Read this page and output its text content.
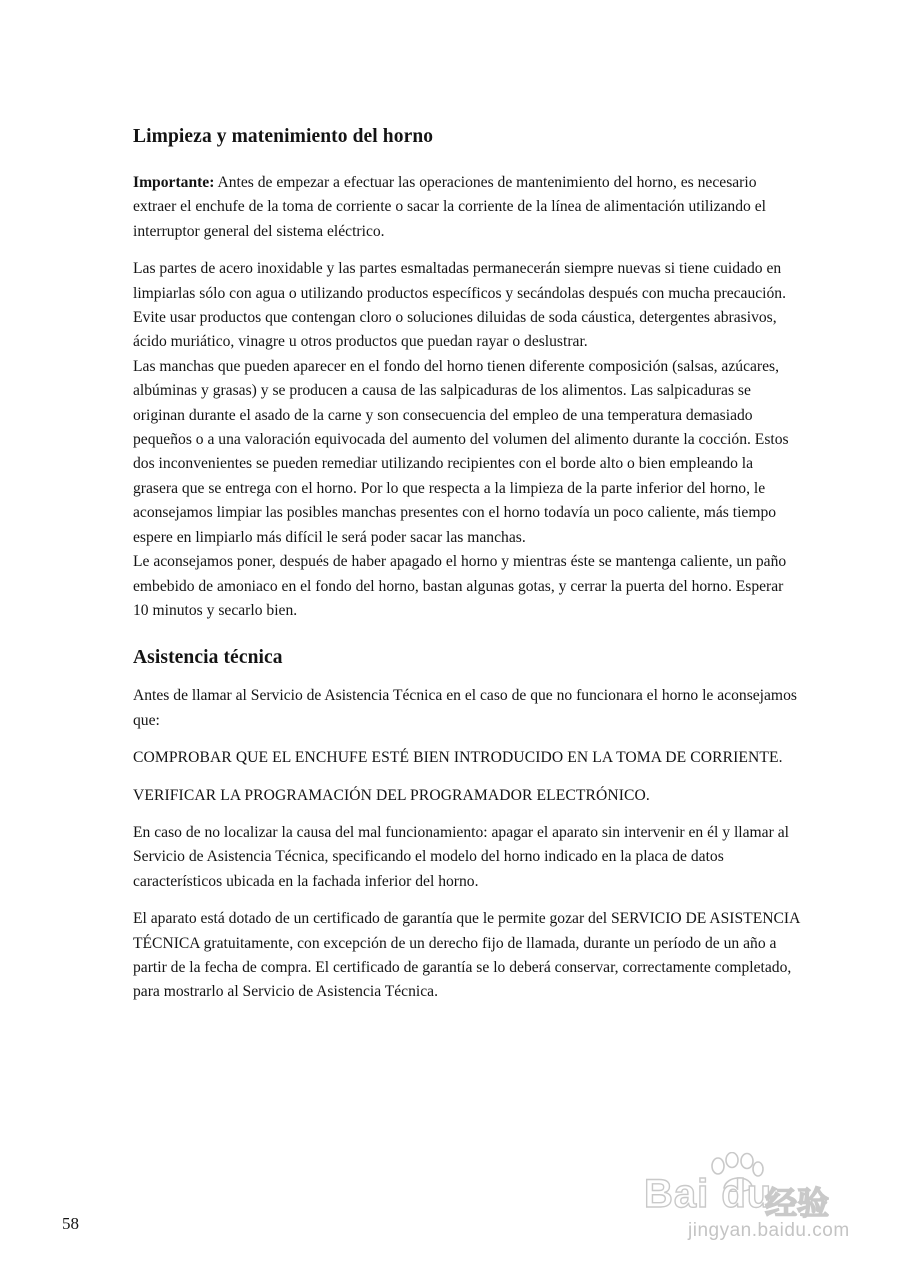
Limpieza y matenimiento del horno

Importante: Antes de empezar a efectuar las operaciones de mantenimiento del horno, es necesario extraer el enchufe de la toma de corriente o sacar la corriente de la línea de alimentación utilizando el interruptor general del sistema eléctrico.

Las partes de acero inoxidable y las partes esmaltadas permanecerán siempre nuevas si tiene cuidado en limpiarlas sólo con agua o utilizando productos específicos y secándolas después con mucha precaución.

Evite usar productos que contengan cloro o soluciones diluidas de soda cáustica, detergentes abrasivos, ácido muriático, vinagre u otros productos que puedan rayar o deslustrar.

Las manchas que pueden aparecer en el fondo del horno tienen diferente composición (salsas, azúcares, albúminas y grasas) y se producen a causa de las salpicaduras de los alimentos. Las salpicaduras se originan durante el asado de la carne y son consecuencia del empleo de una temperatura demasiado pequeños o a una valoración equivocada del aumento del volumen del alimento durante la cocción. Estos dos inconvenientes se pueden remediar utilizando recipientes con el borde alto o bien empleando la grasera que se entrega con el horno. Por lo que respecta a la limpieza de la parte inferior del horno, le aconsejamos limpiar las posibles manchas presentes con el horno todavía un poco caliente, más tiempo espere en limpiarlo más difícil le será poder sacar las manchas.

Le aconsejamos poner, después de haber apagado el horno y mientras éste se mantenga caliente, un paño embebido de amoniaco en el fondo del horno, bastan algunas gotas, y cerrar la puerta del horno. Esperar 10 minutos y secarlo bien.

Asistencia técnica

Antes de llamar al Servicio de Asistencia Técnica en el caso de que no funcionara el horno le aconsejamos que:

COMPROBAR QUE EL ENCHUFE ESTÉ BIEN INTRODUCIDO EN LA TOMA DE CORRIENTE.

VERIFICAR LA PROGRAMACIÓN DEL PROGRAMADOR ELECTRÓNICO.

En caso de no localizar la causa del mal funcionamiento: apagar el aparato sin intervenir en él y llamar al Servicio de Asistencia Técnica, specificando el modelo del horno indicado en la placa de datos característicos ubicada en la fachada inferior del horno.

El aparato está dotado de un certificado de garantía que le permite gozar del SERVICIO DE ASISTENCIA TÉCNICA gratuitamente, con excepción de un derecho fijo de llamada, durante un período de un año a partir de la fecha de compra. El certificado de garantía se lo deberá conservar, correctamente completado, para mostrarlo al Servicio de Asistencia Técnica.

58
Bai du
经验
jingyan.baidu.com
